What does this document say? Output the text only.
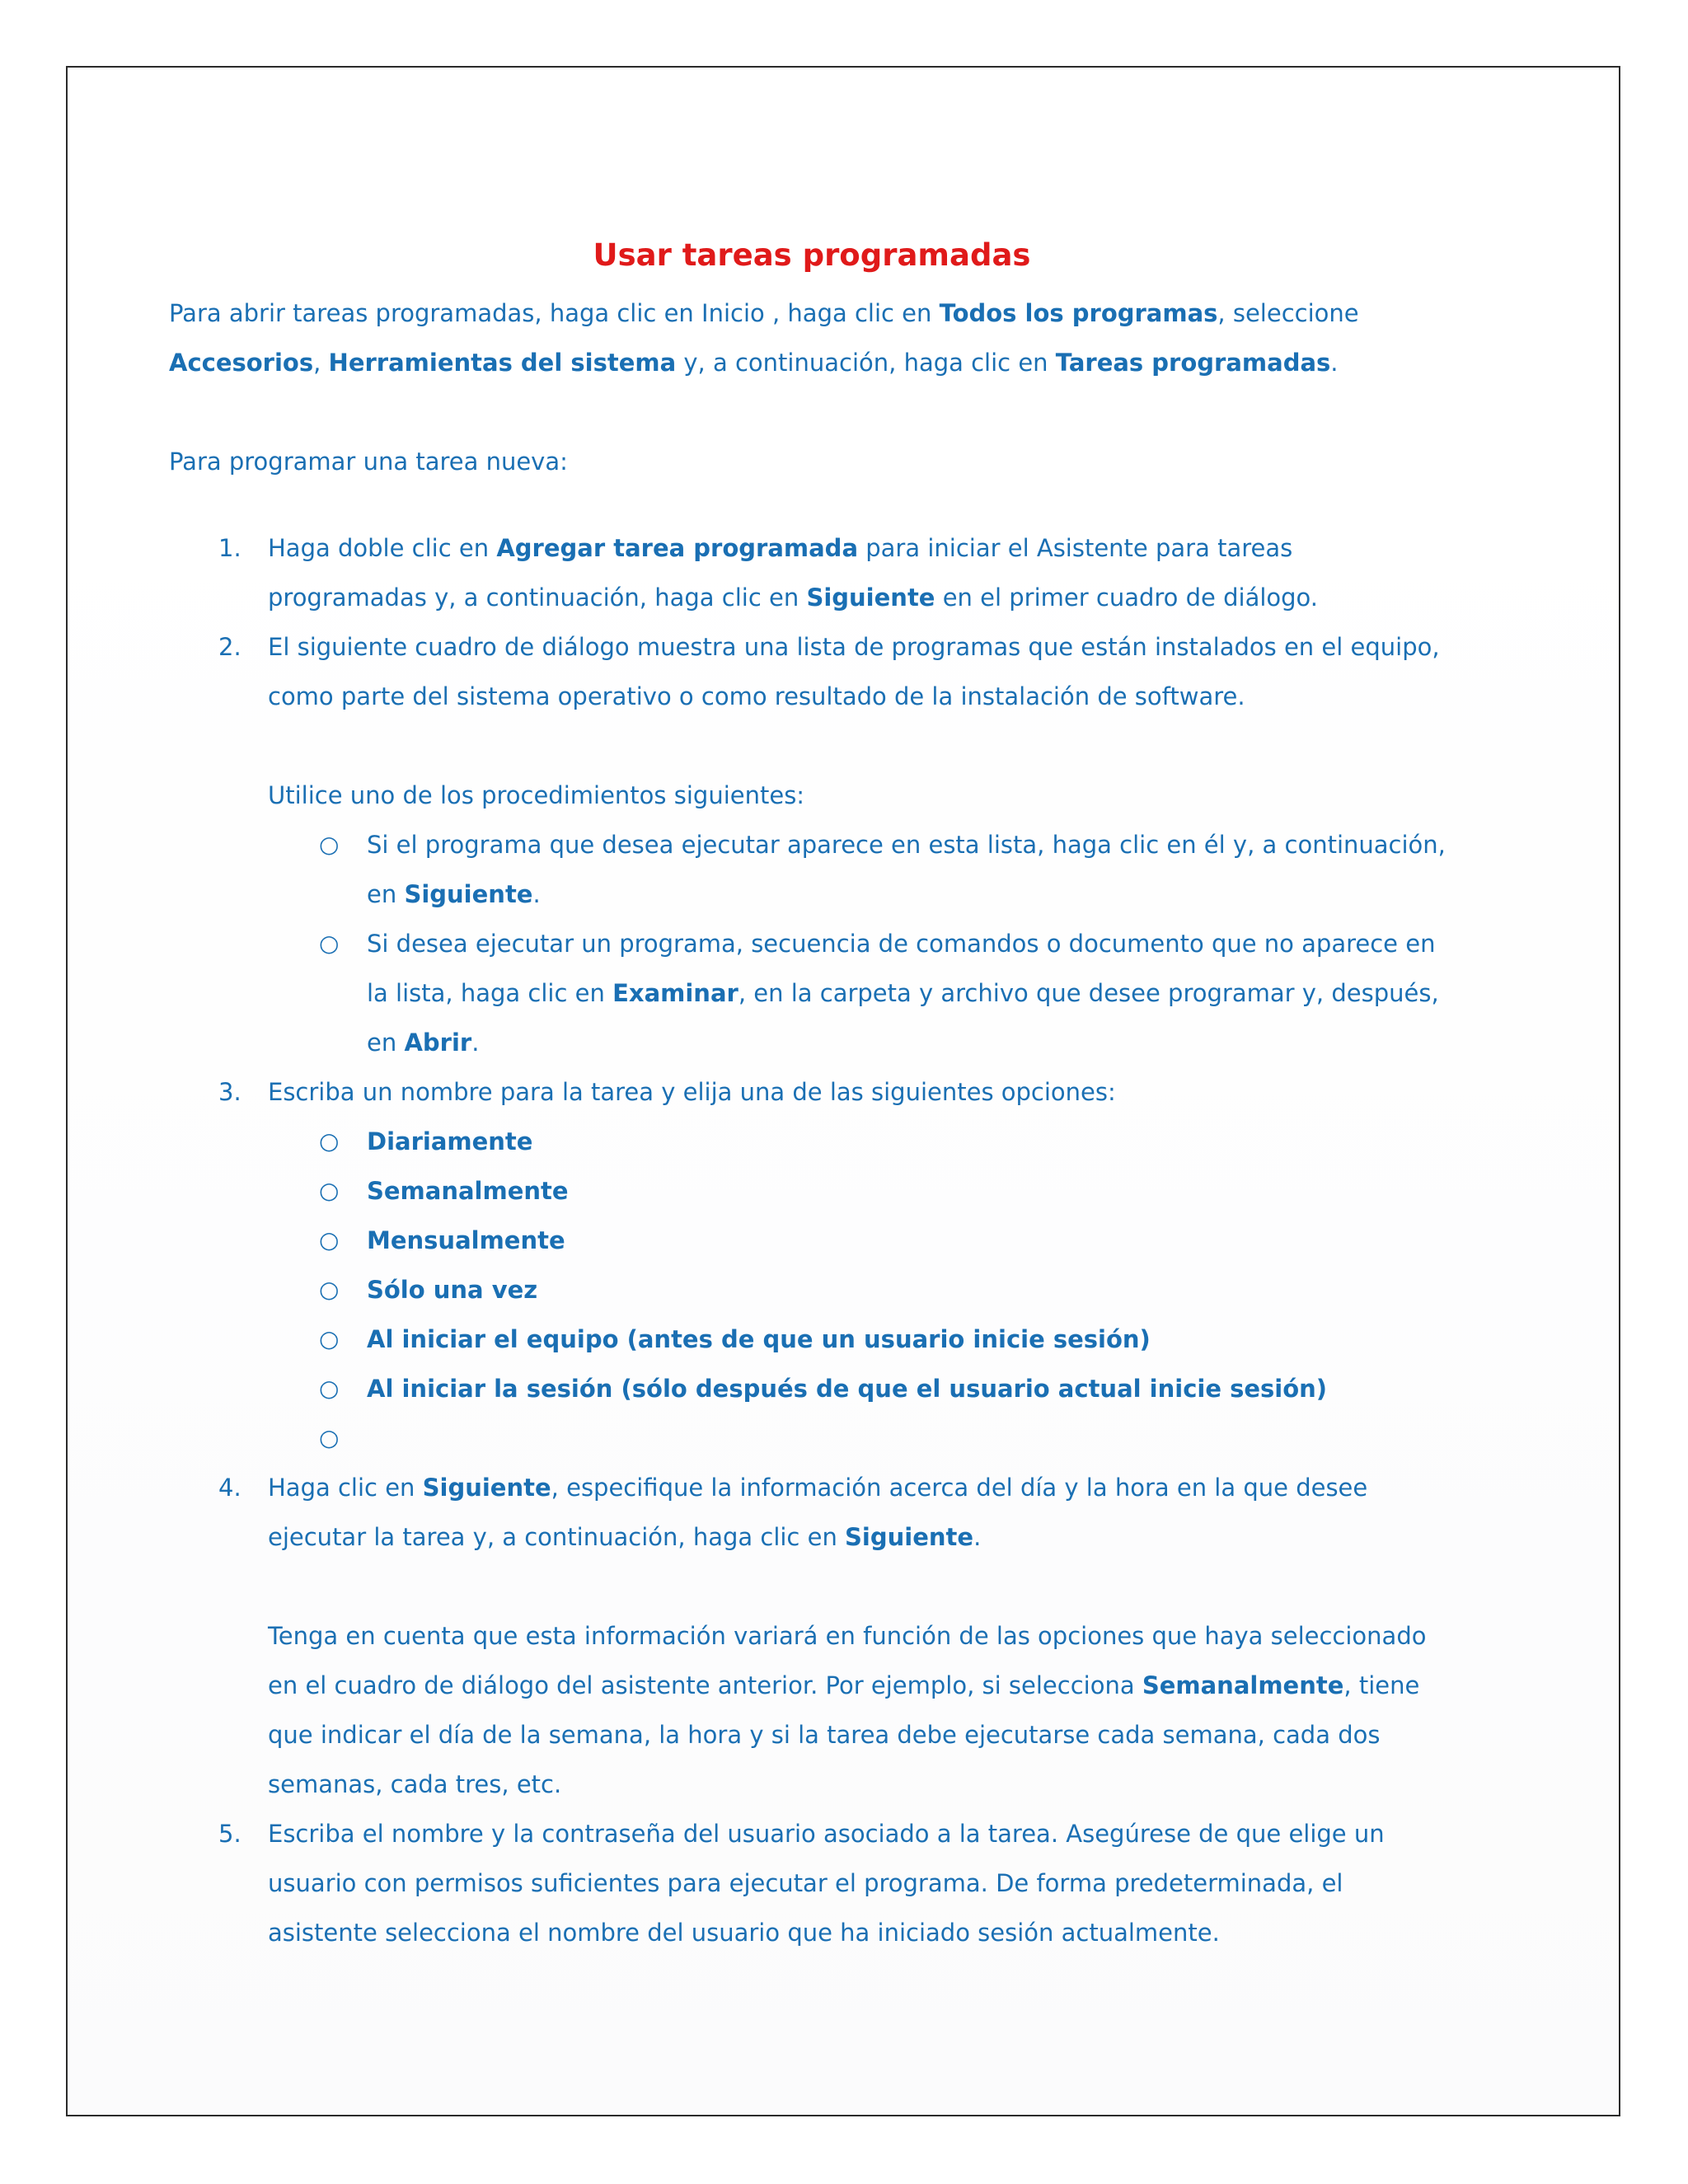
Usar tareas programadas

Para abrir tareas programadas, haga clic en Inicio , haga clic en Todos los programas, seleccione Accesorios, Herramientas del sistema y, a continuación, haga clic en Tareas programadas.

Para programar una tarea nueva:

1. Haga doble clic en Agregar tarea programada para iniciar el Asistente para tareas programadas y, a continuación, haga clic en Siguiente en el primer cuadro de diálogo.
2. El siguiente cuadro de diálogo muestra una lista de programas que están instalados en el equipo, como parte del sistema operativo o como resultado de la instalación de software.
Utilice uno de los procedimientos siguientes:
○ Si el programa que desea ejecutar aparece en esta lista, haga clic en él y, a continuación, en Siguiente.
○ Si desea ejecutar un programa, secuencia de comandos o documento que no aparece en la lista, haga clic en Examinar, en la carpeta y archivo que desee programar y, después, en Abrir.
3. Escriba un nombre para la tarea y elija una de las siguientes opciones:
○ Diariamente
○ Semanalmente
○ Mensualmente
○ Sólo una vez
○ Al iniciar el equipo (antes de que un usuario inicie sesión)
○ Al iniciar la sesión (sólo después de que el usuario actual inicie sesión)
○
4. Haga clic en Siguiente, especifique la información acerca del día y la hora en la que desee ejecutar la tarea y, a continuación, haga clic en Siguiente.
Tenga en cuenta que esta información variará en función de las opciones que haya seleccionado en el cuadro de diálogo del asistente anterior. Por ejemplo, si selecciona Semanalmente, tiene que indicar el día de la semana, la hora y si la tarea debe ejecutarse cada semana, cada dos semanas, cada tres, etc.
5. Escriba el nombre y la contraseña del usuario asociado a la tarea. Asegúrese de que elige un usuario con permisos suficientes para ejecutar el programa. De forma predeterminada, el asistente selecciona el nombre del usuario que ha iniciado sesión actualmente.
